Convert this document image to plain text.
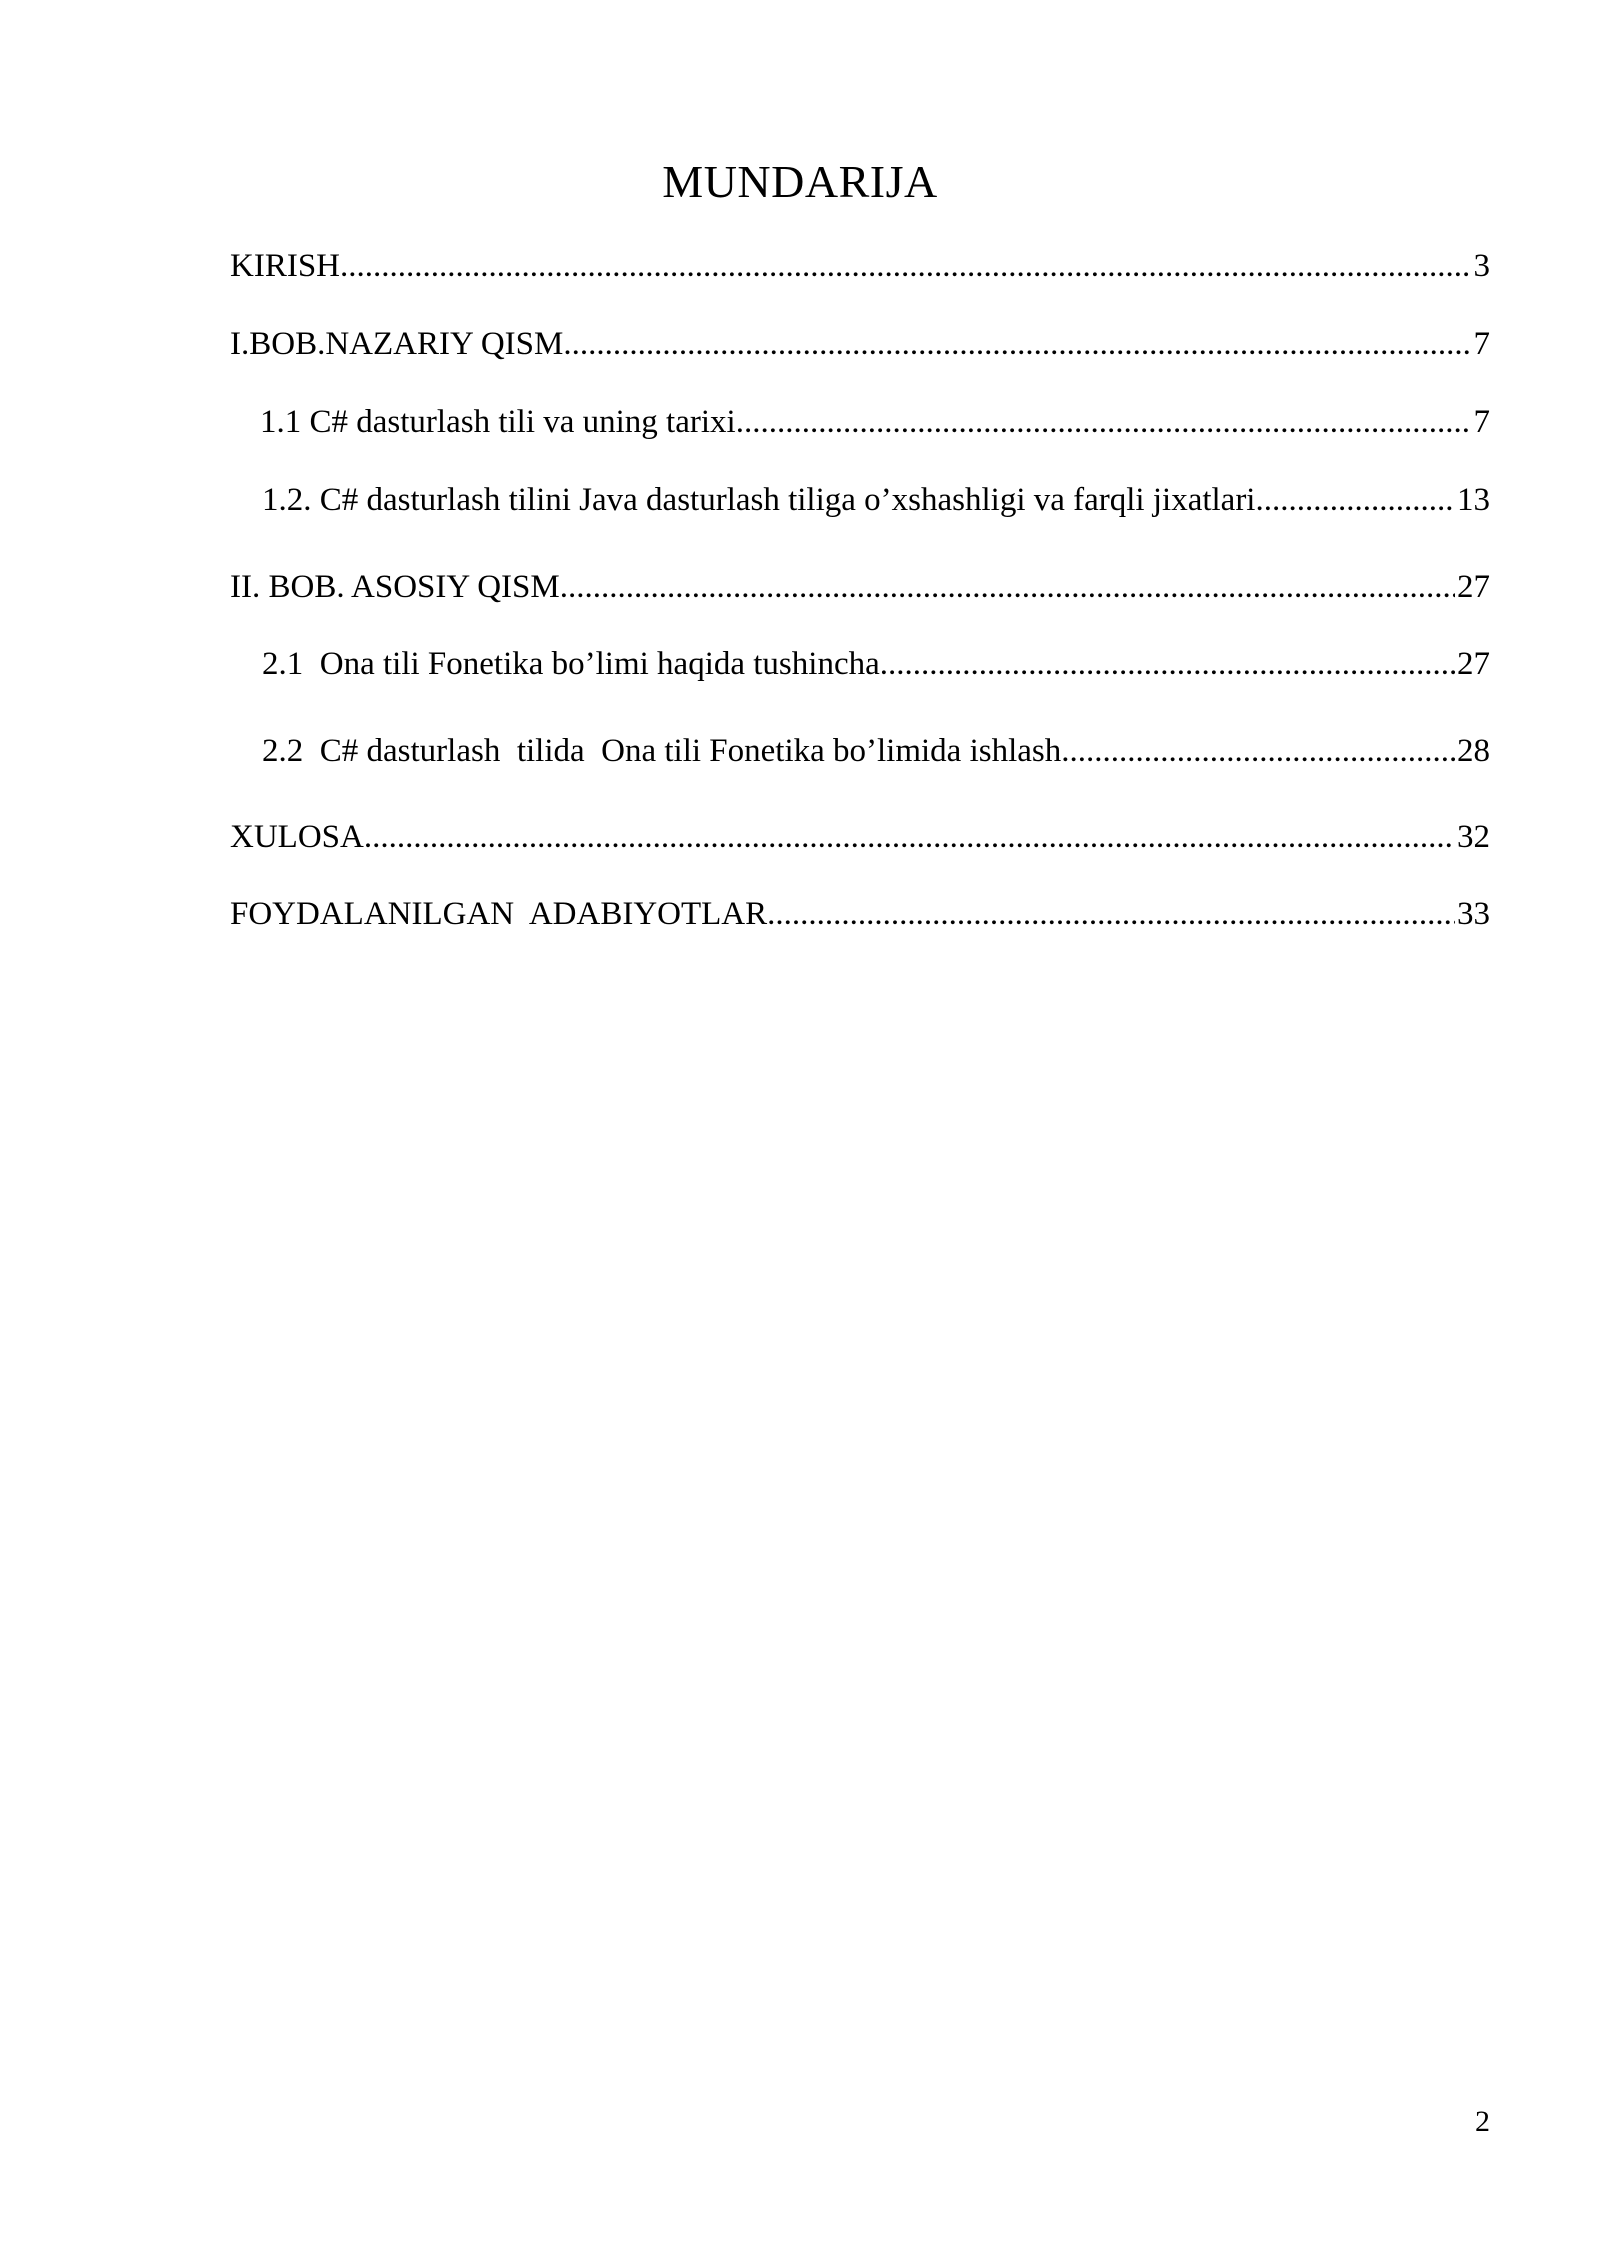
MUNDARIJA
KIRISH .....	3
I.BOB.NAZARIY QISM .....	7
1.1 C# dasturlash tili va uning tarixi .....	7
1.2. C# dasturlash tilini Java dasturlash tiliga o’xshashligi va farqli jixatlari .....	13
II. BOB. ASOSIY QISM .....	27
2.1  Ona tili Fonetika bo’limi haqida tushincha .....	27
2.2  C# dasturlash  tilida  Ona tili Fonetika bo’limida ishlash .....	28
XULOSA .....	32
FOYDALANILGAN  ADABIYOTLAR .....	33
2
